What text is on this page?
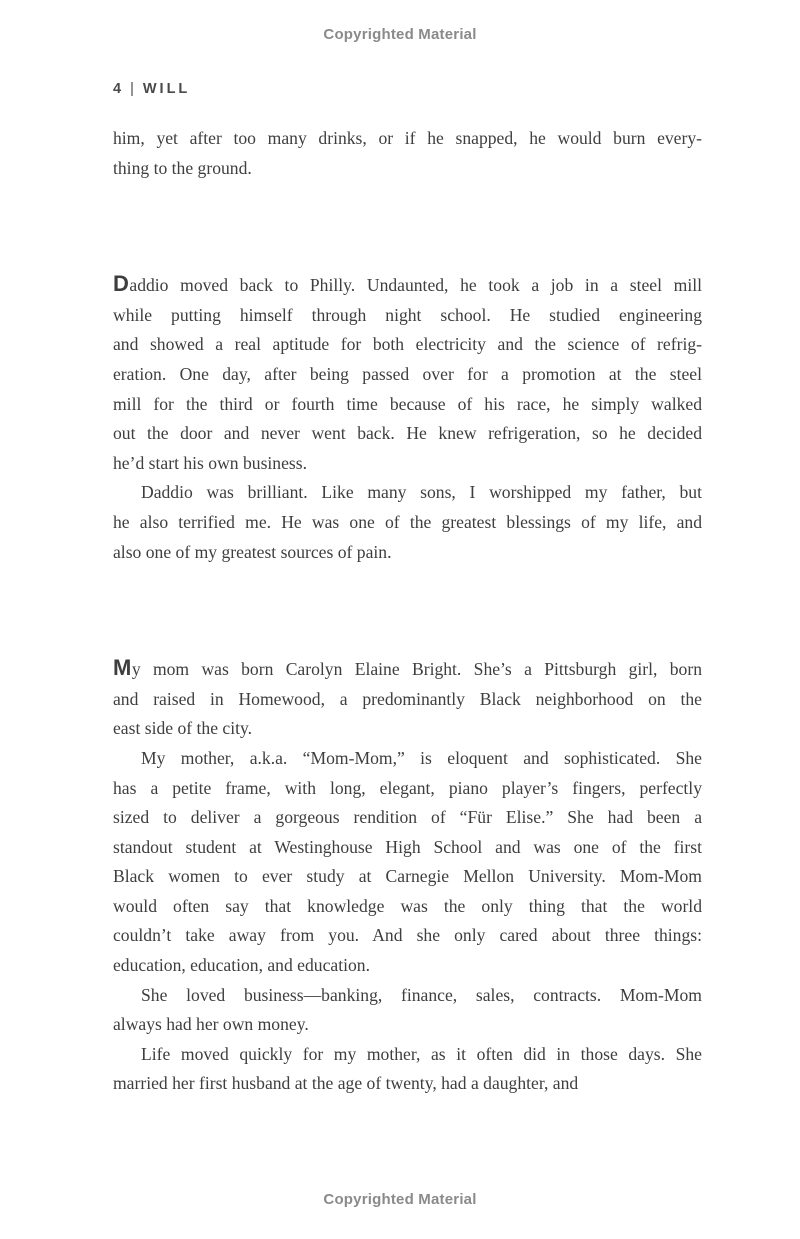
Copyrighted Material
4 | WILL
him, yet after too many drinks, or if he snapped, he would burn every-
thing to the ground.
Daddio moved back to Philly. Undaunted, he took a job in a steel mill
while putting himself through night school. He studied engineering
and showed a real aptitude for both electricity and the science of refrig-
eration. One day, after being passed over for a promotion at the steel
mill for the third or fourth time because of his race, he simply walked
out the door and never went back. He knew refrigeration, so he decided
he’d start his own business.
Daddio was brilliant. Like many sons, I worshipped my father, but
he also terrified me. He was one of the greatest blessings of my life, and
also one of my greatest sources of pain.
My mom was born Carolyn Elaine Bright. She’s a Pittsburgh girl, born
and raised in Homewood, a predominantly Black neighborhood on the
east side of the city.
My mother, a.k.a. “Mom-Mom,” is eloquent and sophisticated. She
has a petite frame, with long, elegant, piano player’s fingers, perfectly
sized to deliver a gorgeous rendition of “Für Elise.” She had been a
standout student at Westinghouse High School and was one of the first
Black women to ever study at Carnegie Mellon University. Mom-Mom
would often say that knowledge was the only thing that the world
couldn’t take away from you. And she only cared about three things:
education, education, and education.
She loved business—banking, finance, sales, contracts. Mom-Mom
always had her own money.
Life moved quickly for my mother, as it often did in those days. She
married her first husband at the age of twenty, had a daughter, and
Copyrighted Material
